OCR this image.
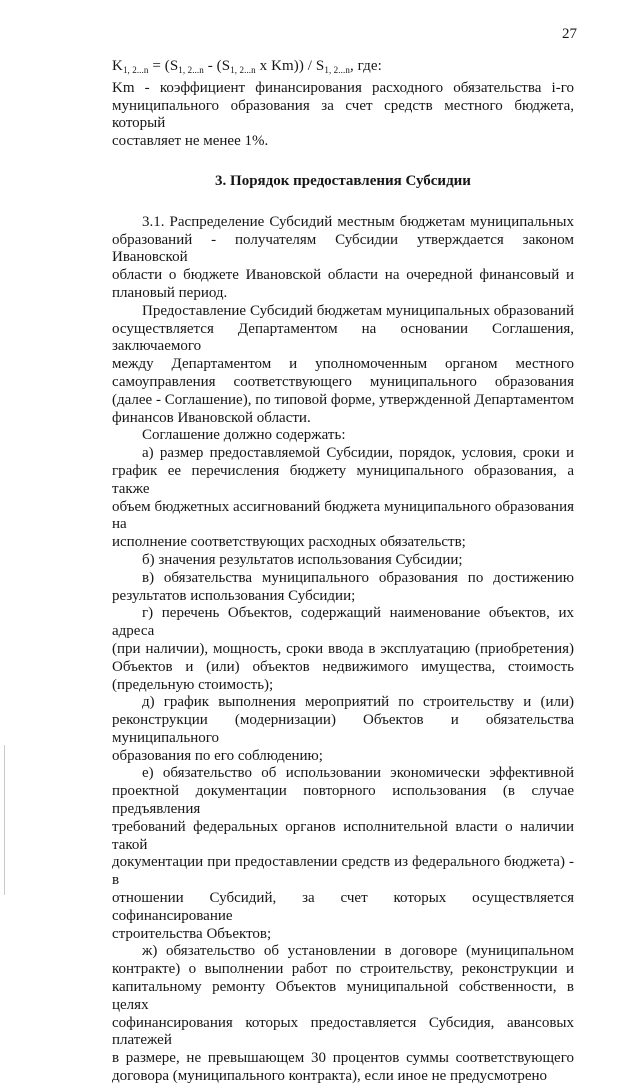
27

$K_{1, 2...n} = (S_{1, 2...n} - (S_{1, 2...n}$ x $Km)) / S_{1, 2...n}$, где:

Km - коэффициент финансирования расходного обязательства i-го

муниципального образования за счет средств местного бюджета, который

составляет не менее 1%.

3. Порядок предоставления Субсидии

3.1. Распределение Субсидий местным бюджетам муниципальных

образований - получателям Субсидии утверждается законом Ивановской

области о бюджете Ивановской области на очередной финансовый и

плановый период.

Предоставление Субсидий бюджетам муниципальных образований

осуществляется Департаментом на основании Соглашения, заключаемого

между Департаментом и уполномоченным органом местного

самоуправления соответствующего муниципального образования

(далее - Соглашение), по типовой форме, утвержденной Департаментом

финансов Ивановской области.

Соглашение должно содержать:

а) размер предоставляемой Субсидии, порядок, условия, сроки и

график ее перечисления бюджету муниципального образования, а также

объем бюджетных ассигнований бюджета муниципального образования на

исполнение соответствующих расходных обязательств;

б) значения результатов использования Субсидии;

в) обязательства муниципального образования по достижению

результатов использования Субсидии;

г) перечень Объектов, содержащий наименование объектов, их адреса

(при наличии), мощность, сроки ввода в эксплуатацию (приобретения)

Объектов и (или) объектов недвижимого имущества, стоимость

(предельную стоимость);

д) график выполнения мероприятий по строительству и (или)

реконструкции (модернизации) Объектов и обязательства муниципального

образования по его соблюдению;

е) обязательство об использовании экономически эффективной

проектной документации повторного использования (в случае предъявления

требований федеральных органов исполнительной власти о наличии такой

документации при предоставлении средств из федерального бюджета) - в

отношении Субсидий, за счет которых осуществляется софинансирование

строительства Объектов;

ж) обязательство об установлении в договоре (муниципальном

контракте) о выполнении работ по строительству, реконструкции и

капитальному ремонту Объектов муниципальной собственности, в целях

софинансирования которых предоставляется Субсидия, авансовых платежей

в размере, не превышающем 30 процентов суммы соответствующего

договора (муниципального контракта), если иное не предусмотрено
